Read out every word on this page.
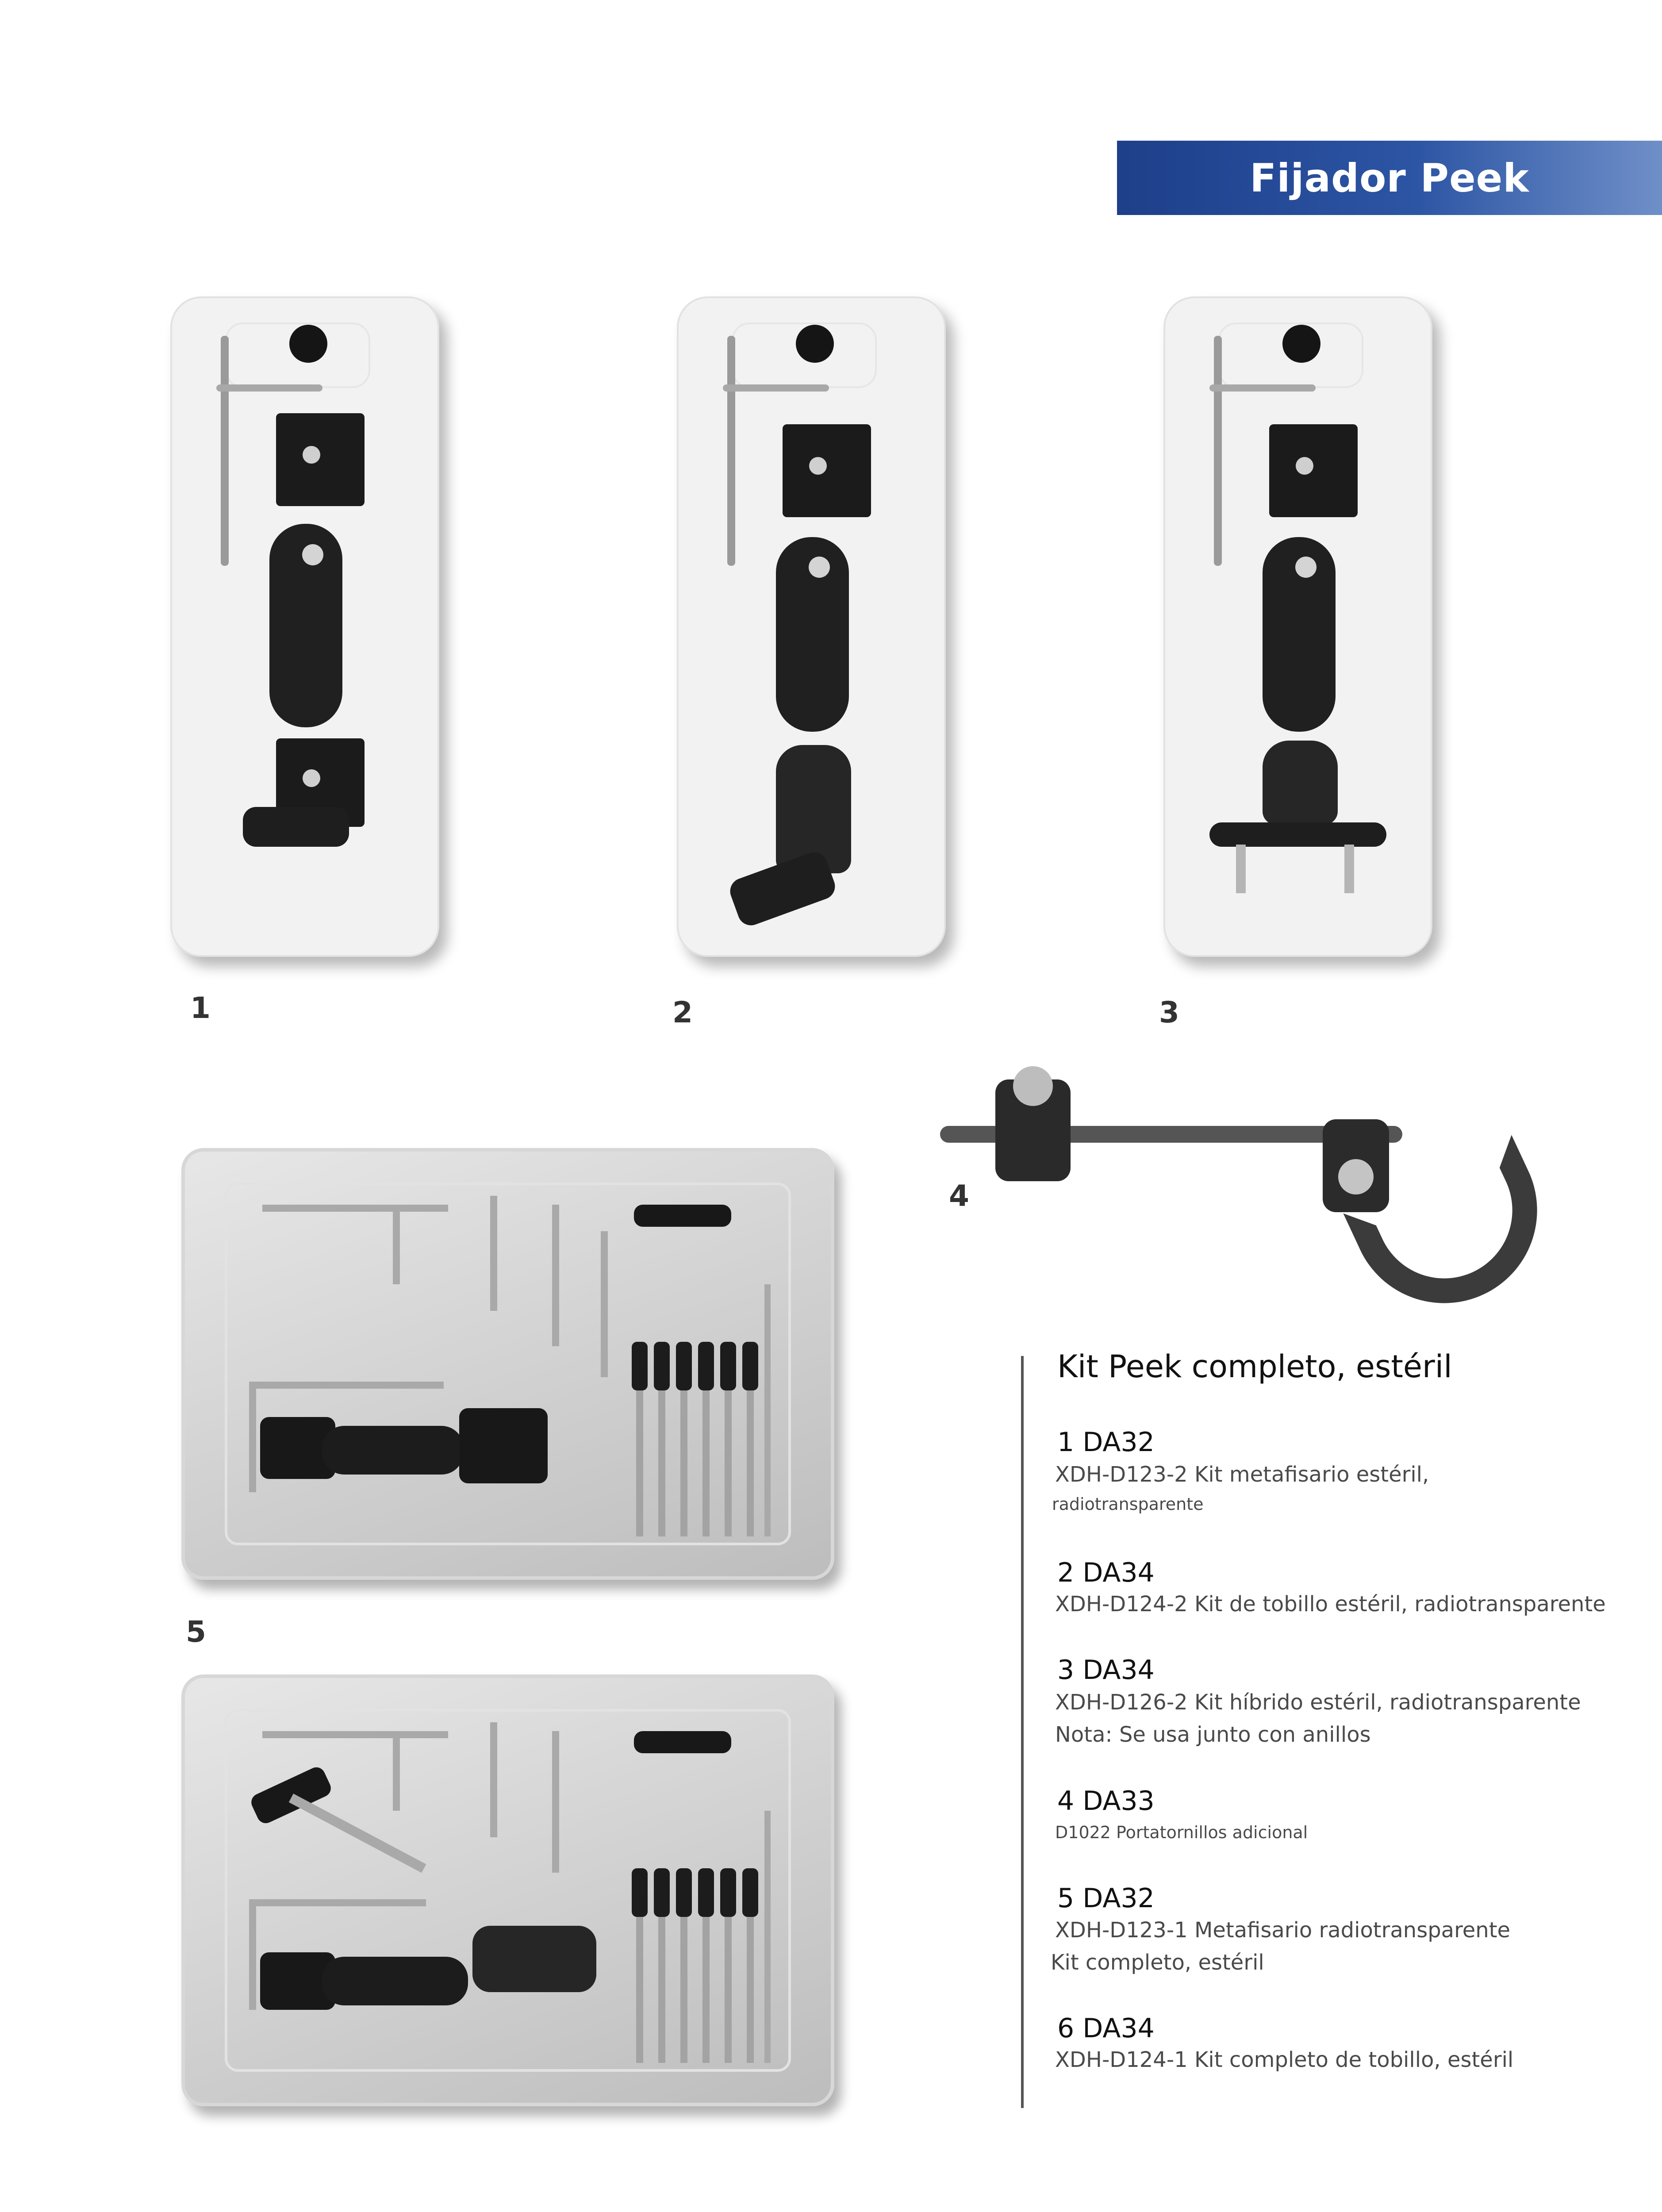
Fijador Peek
1	2	3
4
5
Kit Peek completo, estéril
1 DA32
XDH-D123-2 Kit metafisario estéril,
radiotransparente
2 DA34
XDH-D124-2 Kit de tobillo estéril, radiotransparente
3 DA34
XDH-D126-2 Kit híbrido estéril, radiotransparente
Nota: Se usa junto con anillos
4 DA33
D1022 Portatornillos adicional
5 DA32
XDH-D123-1 Metafisario radiotransparente
Kit completo, estéril
6 DA34
XDH-D124-1 Kit completo de tobillo, estéril
